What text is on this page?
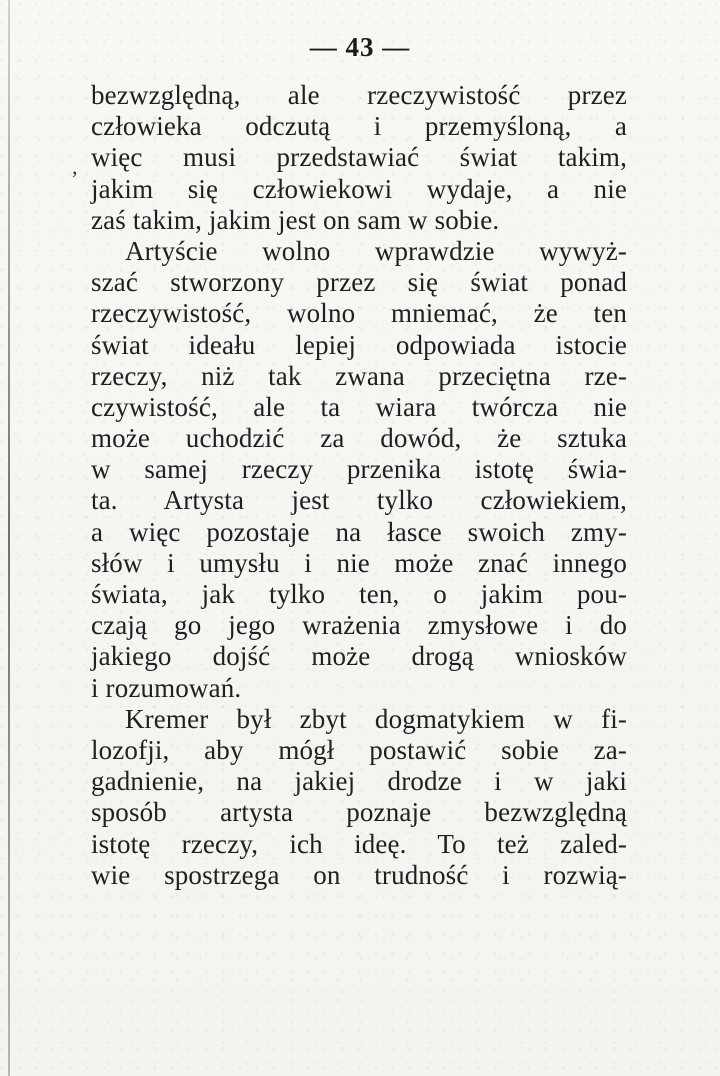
— 43 —
,
bezwzględną, ale rzeczywistość przez
człowieka odczutą i przemyśloną, a
więc musi przedstawiać świat takim,
jakim się człowiekowi wydaje, a nie
zaś takim, jakim jest on sam w sobie.
Artyście wolno wprawdzie wywyż-
szać stworzony przez się świat ponad
rzeczywistość, wolno mniemać, że ten
świat ideału lepiej odpowiada istocie
rzeczy, niż tak zwana przeciętna rze-
czywistość, ale ta wiara twórcza nie
może uchodzić za dowód, że sztuka
w samej rzeczy przenika istotę świa-
ta. Artysta jest tylko człowiekiem,
a więc pozostaje na łasce swoich zmy-
słów i umysłu i nie może znać innego
świata, jak tylko ten, o jakim pou-
czają go jego wrażenia zmysłowe i do
jakiego dojść może drogą wniosków
i rozumowań.
Kremer był zbyt dogmatykiem w fi-
lozofji, aby mógł postawić sobie za-
gadnienie, na jakiej drodze i w jaki
sposób artysta poznaje bezwzględną
istotę rzeczy, ich ideę. To też zaled-
wie spostrzega on trudność i rozwią-
